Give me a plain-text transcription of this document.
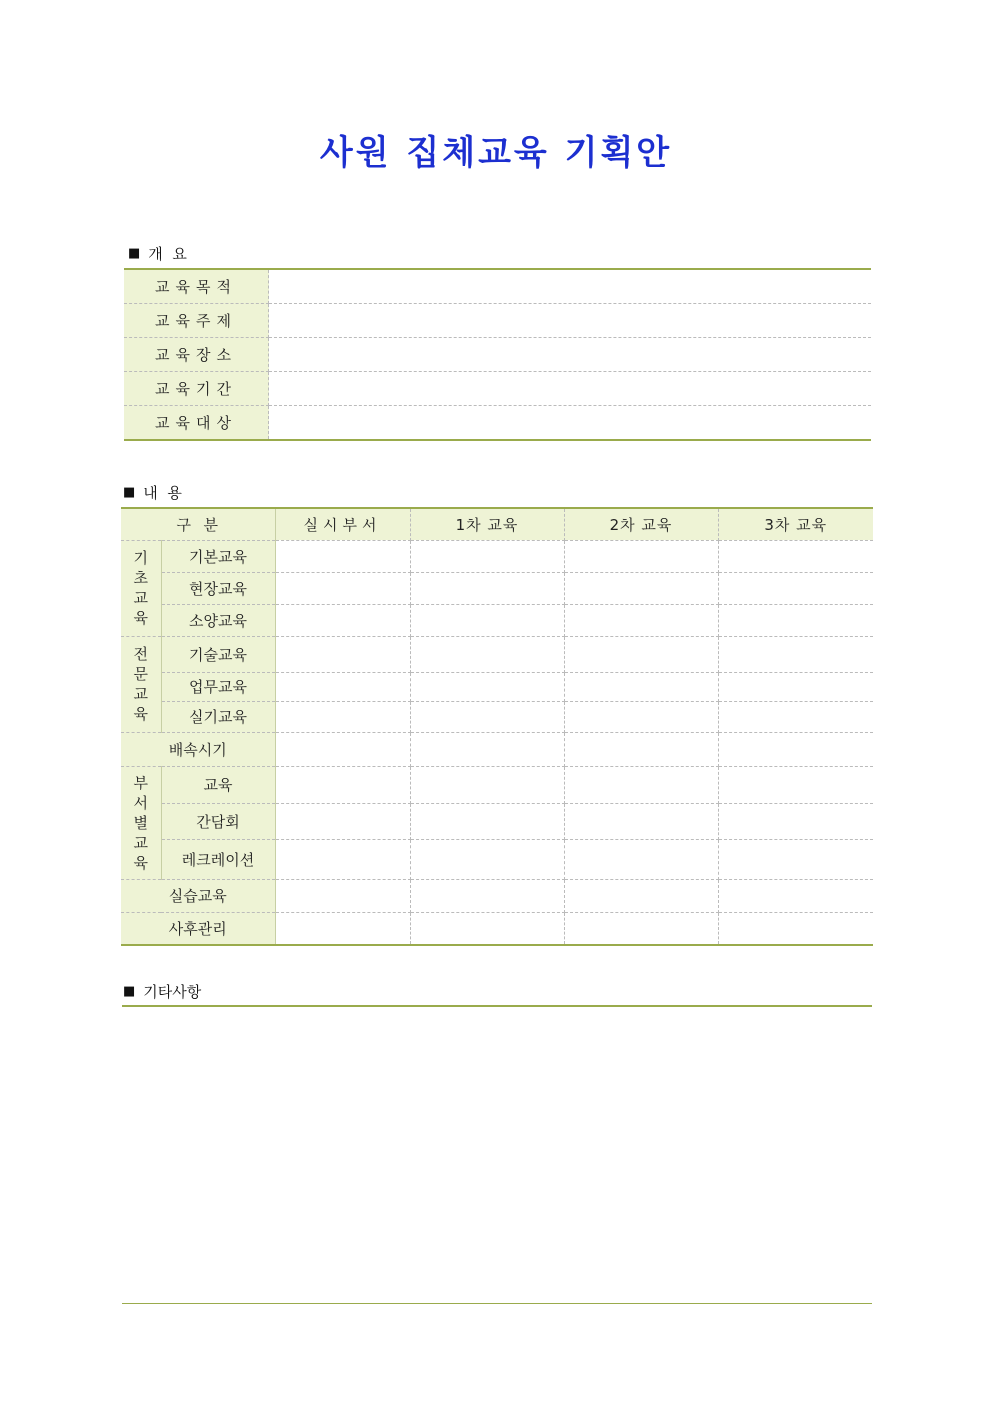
사원 집체교육 기획안
■ 개  요
교육목적	
교육주제	
교육장소	
교육기간	
교육대상	
■ 내  용
구  분		실시부서	1차 교육	2차 교육	3차 교육

기
초
교
육	기본교육				
	현장교육				
	소양교육				

전
문
교
육	기술교육				
	업무교육				
	실기교육				
배속시기					

부
서
별
교
육	교육				
	간담회				
	레크레이션				
실습교육					
사후관리					
■ 기타사항
